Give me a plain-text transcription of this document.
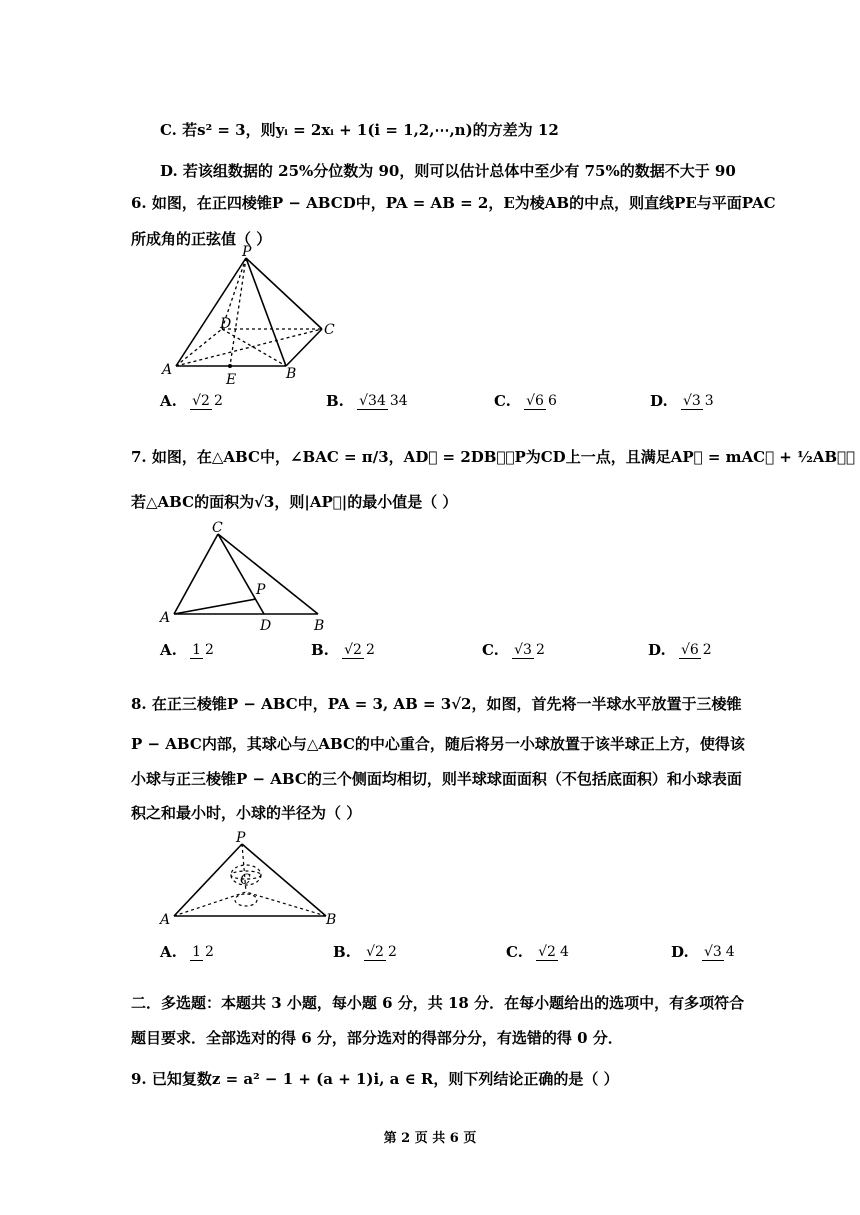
C. 若s² = 3，则yᵢ = 2xᵢ + 1(i = 1,2,⋯,n)的方差为 12
D. 若该组数据的 25%分位数为 90，则可以估计总体中至少有 75%的数据不大于 90
6. 如图，在正四棱锥P − ABCD中，PA = AB = 2，E为棱AB的中点，则直线PE与平面PAC
所成角的正弦值（ ）
P
A	B
C
D
E
A. √2 2	B. √34 34	C. √6 6	D. √3 3
7. 如图，在△ABC中，∠BAC = π/3，AD⃗ = 2DB⃗，P为CD上一点，且满足AP⃗ = mAC⃗ + ½AB⃗，
若△ABC的面积为√3，则|AP⃗|的最小值是（ ）
C
A	B
D
P
A. 1 2	B. √2 2	C. √3 2	D. √6 2
8. 在正三棱锥P − ABC中，PA = 3, AB = 3√2，如图，首先将一半球水平放置于三棱锥
P − ABC内部，其球心与△ABC的中心重合，随后将另一小球放置于该半球正上方，使得该
小球与正三棱锥P − ABC的三个侧面均相切，则半球球面面积（不包括底面积）和小球表面
积之和最小时，小球的半径为（ ）
P
A	B
C
A. 1 2	B. √2 2	C. √2 4	D. √3 4
二．多选题：本题共 3 小题，每小题 6 分，共 18 分．在每小题给出的选项中，有多项符合
题目要求．全部选对的得 6 分，部分选对的得部分分，有选错的得 0 分．
9. 已知复数z = a² − 1 + (a + 1)i, a ∈ R，则下列结论正确的是（ ）
第 2 页 共 6 页
